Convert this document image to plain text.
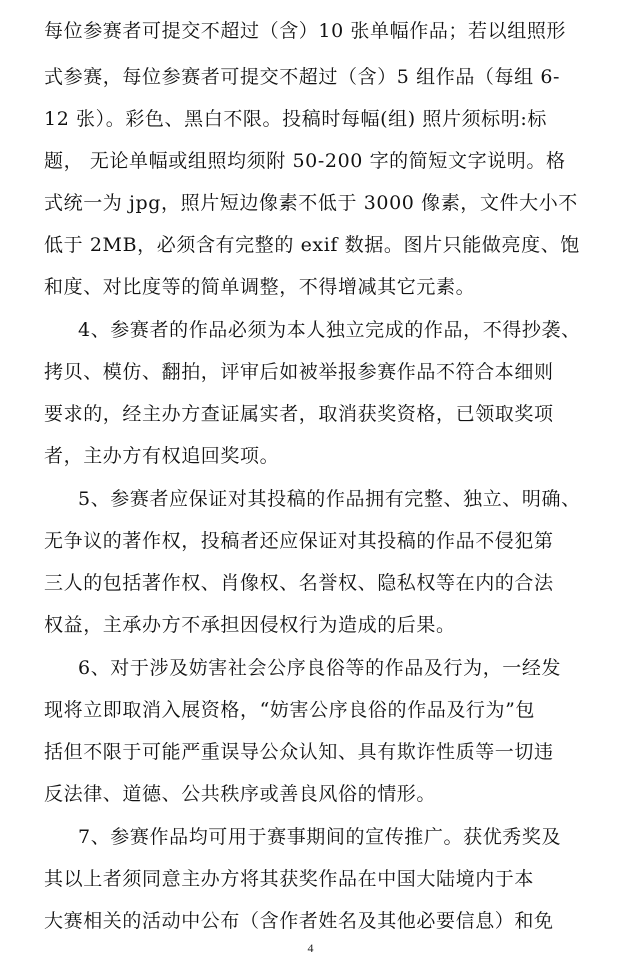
每位参赛者可提交不超过（含）10 张单幅作品；若以组照形
式参赛，每位参赛者可提交不超过（含）5 组作品（每组 6-
12 张）。彩色、黑白不限。投稿时每幅(组) 照片须标明:标
题， 无论单幅或组照均须附 50-200 字的简短文字说明。格
式统一为 jpg，照片短边像素不低于 3000 像素，文件大小不
低于 2MB，必须含有完整的 exif 数据。图片只能做亮度、饱
和度、对比度等的简单调整，不得增减其它元素。
4、参赛者的作品必须为本人独立完成的作品，不得抄袭、
拷贝、模仿、翻拍，评审后如被举报参赛作品不符合本细则
要求的，经主办方查证属实者，取消获奖资格，已领取奖项
者，主办方有权追回奖项。
5、参赛者应保证对其投稿的作品拥有完整、独立、明确、
无争议的著作权，投稿者还应保证对其投稿的作品不侵犯第
三人的包括著作权、肖像权、名誉权、隐私权等在内的合法
权益，主承办方不承担因侵权行为造成的后果。
6、对于涉及妨害社会公序良俗等的作品及行为，一经发
现将立即取消入展资格，“妨害公序良俗的作品及行为”包
括但不限于可能严重误导公众认知、具有欺诈性质等一切违
反法律、道德、公共秩序或善良风俗的情形。
7、参赛作品均可用于赛事期间的宣传推广。获优秀奖及
其以上者须同意主办方将其获奖作品在中国大陆境内于本
大赛相关的活动中公布（含作者姓名及其他必要信息）和免
4
